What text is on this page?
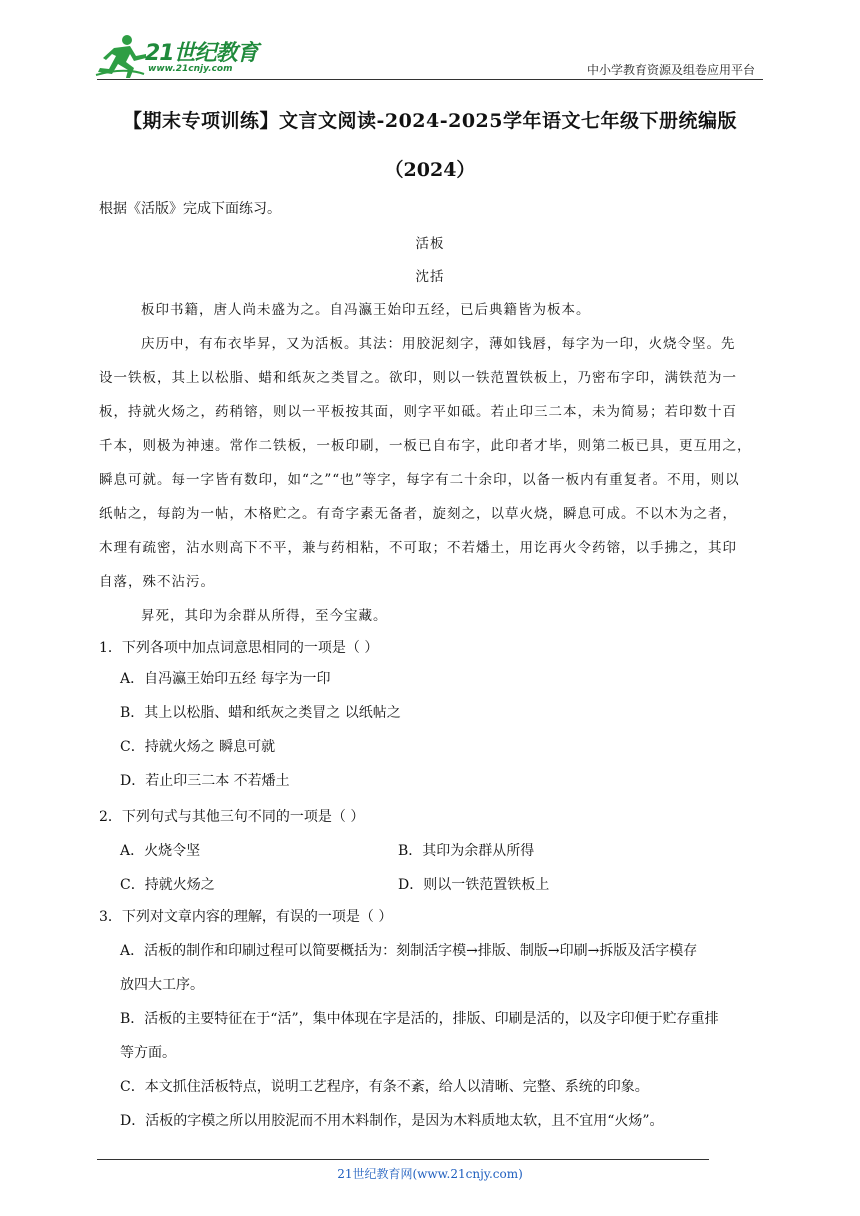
21世纪教育
www.21cnjy.com	中小学教育资源及组卷应用平台
【期末专项训练】文言文阅读-2024-2025学年语文七年级下册统编版
（2024）
根据《活版》完成下面练习。
活板
沈括
板印书籍，唐人尚未盛为之。自冯瀛王始印五经，已后典籍皆为板本。
庆历中，有布衣毕昇，又为活板。其法：用胶泥刻字，薄如钱唇，每字为一印，火烧令坚。先
设一铁板，其上以松脂、蜡和纸灰之类冒之。欲印，则以一铁范置铁板上，乃密布字印，满铁范为一
板，持就火炀之，药稍镕，则以一平板按其面，则字平如砥。若止印三二本，未为简易；若印数十百
千本，则极为神速。常作二铁板，一板印刷，一板已自布字，此印者才毕，则第二板已具，更互用之，
瞬息可就。每一字皆有数印，如“之”“也”等字，每字有二十余印，以备一板内有重复者。不用，则以
纸帖之，每韵为一帖，木格贮之。有奇字素无备者，旋刻之，以草火烧，瞬息可成。不以木为之者，
木理有疏密，沾水则高下不平，兼与药相粘，不可取；不若燔土，用讫再火令药镕，以手拂之，其印
自落，殊不沾污。
昇死，其印为余群从所得，至今宝藏。
1．下列各项中加点词意思相同的一项是（ ）
A．自冯瀛王始印五经 每字为一印
B．其上以松脂、蜡和纸灰之类冒之 以纸帖之
C．持就火炀之 瞬息可就
D．若止印三二本 不若燔土
2．下列句式与其他三句不同的一项是（ ）
A．火烧令坚	B．其印为余群从所得
C．持就火炀之	D．则以一铁范置铁板上
3．下列对文章内容的理解，有误的一项是（ ）
A．活板的制作和印刷过程可以简要概括为：刻制活字模→排版、制版→印刷→拆版及活字模存
放四大工序。
B．活板的主要特征在于“活”，集中体现在字是活的，排版、印刷是活的，以及字印便于贮存重排
等方面。
C．本文抓住活板特点，说明工艺程序，有条不紊，给人以清晰、完整、系统的印象。
D．活板的字模之所以用胶泥而不用木料制作，是因为木料质地太软，且不宜用“火炀”。
21世纪教育网(www.21cnjy.com)
